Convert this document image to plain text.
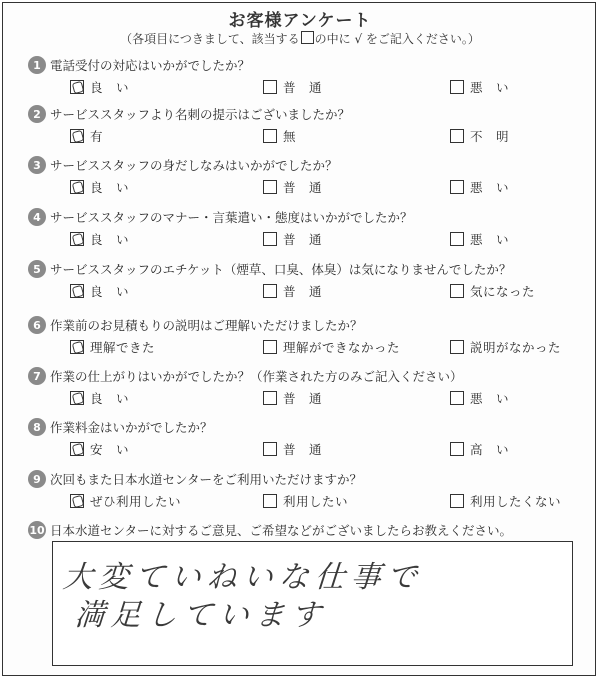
お客様アンケート
（各項目につきまして、該当する の中に √ をご記入ください。）
1 電話受付の対応はいかがでしたか？
良　い	普　通	悪　い
2 サービススタッフより名刺の提示はございましたか？
有	無	不　明
3 サービススタッフの身だしなみはいかがでしたか？
良　い	普　通	悪　い
4 サービススタッフのマナー・言葉遣い・態度はいかがでしたか？
良　い	普　通	悪　い
5 サービススタッフのエチケット（煙草、口臭、体臭）は気になりませんでしたか？
良　い	普　通	気になった
6 作業前のお見積もりの説明はご理解いただけましたか？
理解できた	理解ができなかった	説明がなかった
7 作業の仕上がりはいかがでしたか？（作業された方のみご記入ください）
良　い	普　通	悪　い
8 作業料金はいかがでしたか？
安　い	普　通	高　い
9 次回もまた日本水道センターをご利用いただけますか？
ぜひ利用したい	利用したい	利用したくない
10 日本水道センターに対するご意見、ご希望などがございましたらお教えください。
大変ていねいな仕事で
満足しています
